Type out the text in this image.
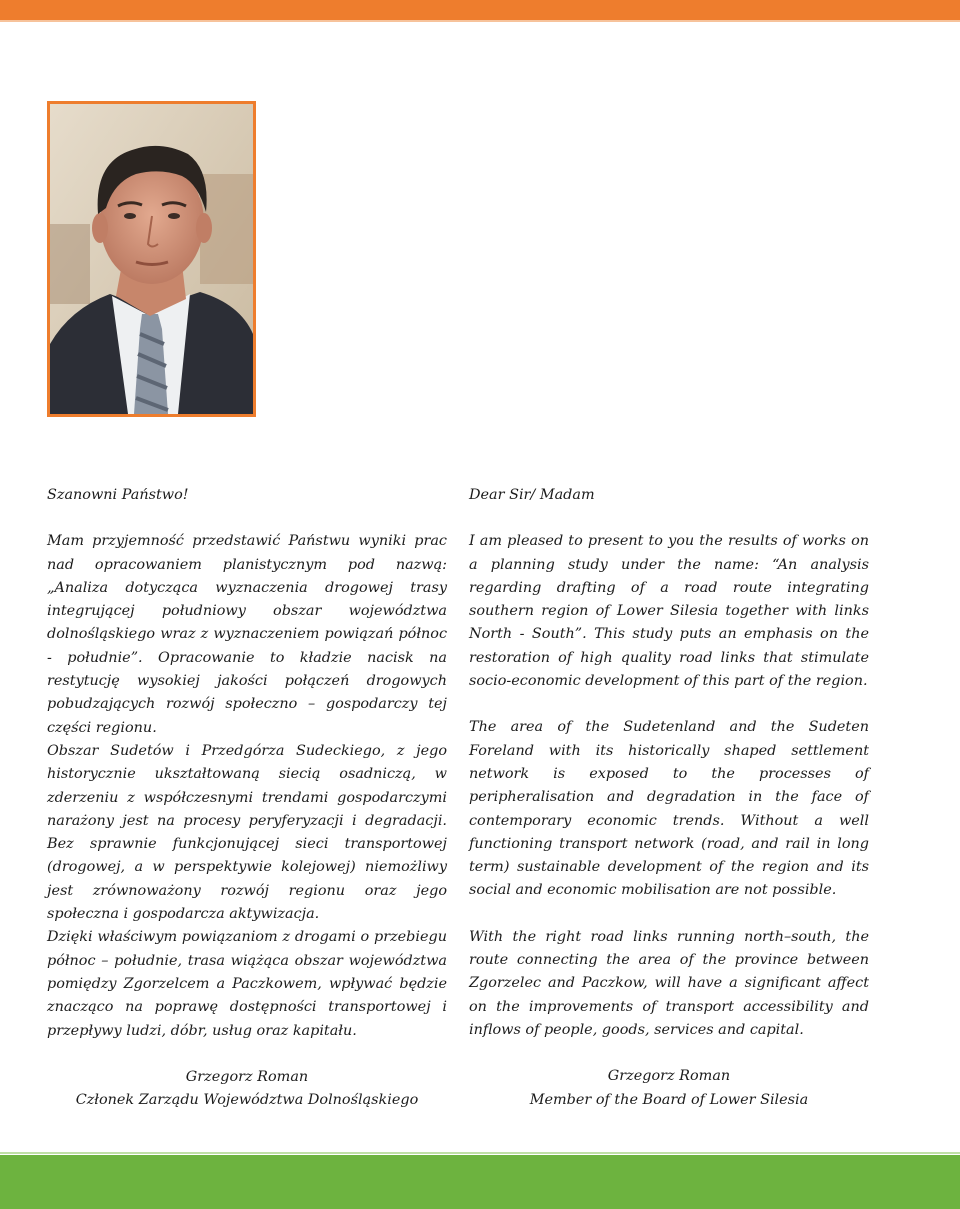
Szanowni Państwo!

Mam przyjemność przedstawić Państwu wyniki prac nad opracowaniem planistycznym pod nazwą: „Analiza dotycząca wyznaczenia drogowej trasy integrującej południowy obszar województwa dolnośląskiego wraz z wyznaczeniem powiązań północ - południe”. Opracowanie to kładzie nacisk na restytucję wysokiej jakości połączeń drogowych pobudzających rozwój społeczno – gospodarczy tej części regionu.

Obszar Sudetów i Przedgórza Sudeckiego, z jego historycznie ukształtowaną siecią osadniczą, w zderzeniu z współczesnymi trendami gospodarczymi narażony jest na procesy peryferyzacji i degradacji. Bez sprawnie funkcjonującej sieci transportowej (drogowej, a w perspektywie kolejowej) niemożliwy jest zrównoważony rozwój regionu oraz jego społeczna i gospodarcza aktywizacja.

Dzięki właściwym powiązaniom z drogami o przebiegu północ – południe, trasa wiążąca obszar województwa pomiędzy Zgorzelcem a Paczkowem, wpływać będzie znacząco na poprawę dostępności transportowej i przepływy ludzi, dóbr, usług oraz kapitału.

Grzegorz Roman
Członek Zarządu Województwa Dolnośląskiego

Dear Sir/ Madam

I am pleased to present to you the results of works on a planning study under the name: “An analysis regarding drafting of a road route integrating southern region of Lower Silesia together with links North - South”. This study puts an emphasis on the restoration of high quality road links that stimulate socio-economic development of this part of the region.

The area of the Sudetenland and the Sudeten Foreland with its historically shaped settlement network is exposed to the processes of peripheralisation and degradation in the face of contemporary economic trends. Without a well functioning transport network (road, and rail in long term) sustainable development of the region and its social and economic mobilisation are not possible.

With the right road links running north–south, the route connecting the area of the province between Zgorzelec and Paczkow, will have a significant affect on the improvements of transport accessibility and inflows of people, goods, services and capital.

Grzegorz Roman
Member of the Board of Lower Silesia
